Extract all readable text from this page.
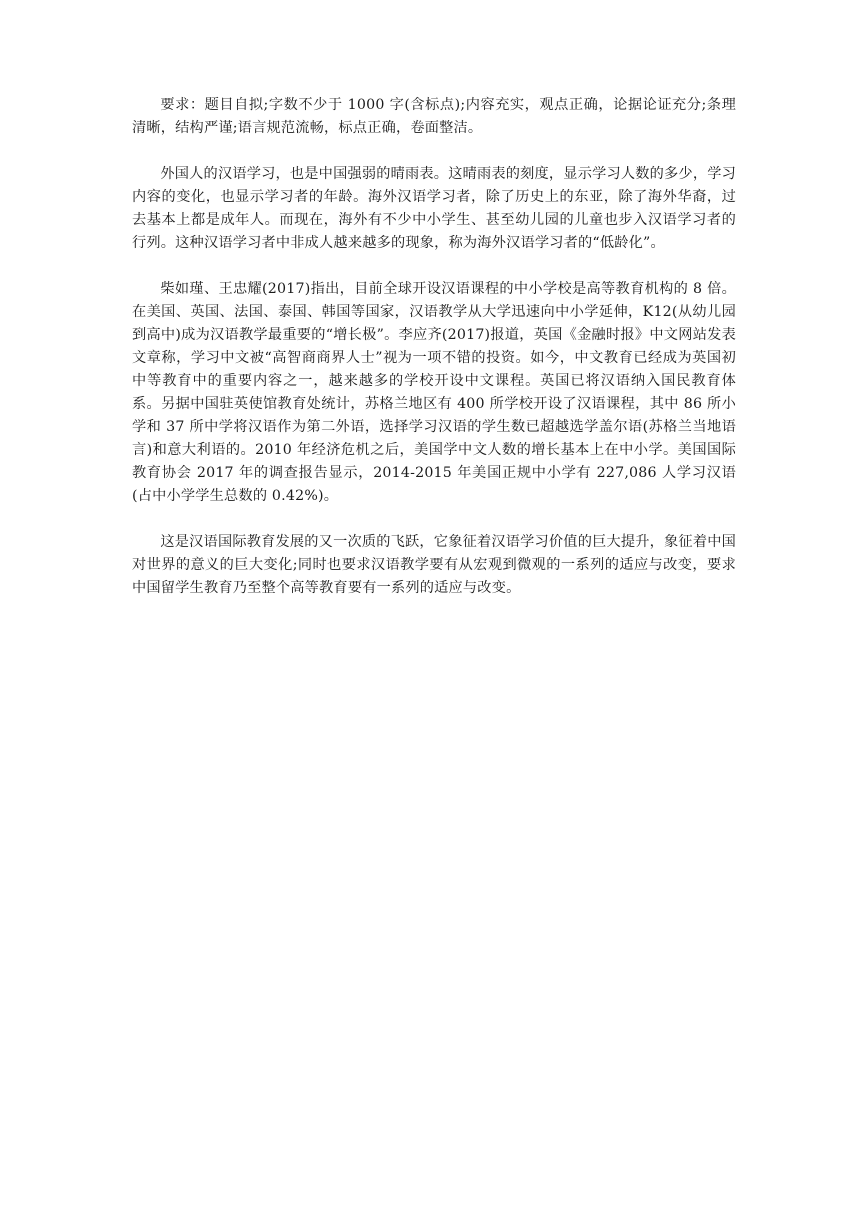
要求：题目自拟;字数不少于 1000 字(含标点);内容充实，观点正确，论据论证充分;条理清晰，结构严谨;语言规范流畅，标点正确，卷面整洁。

外国人的汉语学习，也是中国强弱的晴雨表。这晴雨表的刻度，显示学习人数的多少，学习内容的变化，也显示学习者的年龄。海外汉语学习者，除了历史上的东亚，除了海外华裔，过去基本上都是成年人。而现在，海外有不少中小学生、甚至幼儿园的儿童也步入汉语学习者的行列。这种汉语学习者中非成人越来越多的现象，称为海外汉语学习者的“低龄化”。

柴如瑾、王忠耀(2017)指出，目前全球开设汉语课程的中小学校是高等教育机构的 8 倍。在美国、英国、法国、泰国、韩国等国家，汉语教学从大学迅速向中小学延伸，K12(从幼儿园到高中)成为汉语教学最重要的“增长极”。李应齐(2017)报道，英国《金融时报》中文网站发表文章称，学习中文被“高智商商界人士”视为一项不错的投资。如今，中文教育已经成为英国初中等教育中的重要内容之一，越来越多的学校开设中文课程。英国已将汉语纳入国民教育体系。另据中国驻英使馆教育处统计，苏格兰地区有 400 所学校开设了汉语课程，其中 86 所小学和 37 所中学将汉语作为第二外语，选择学习汉语的学生数已超越选学盖尔语(苏格兰当地语言)和意大利语的。2010 年经济危机之后，美国学中文人数的增长基本上在中小学。美国国际教育协会 2017 年的调查报告显示，2014-2015 年美国正规中小学有 227,086 人学习汉语(占中小学学生总数的 0.42%)。

这是汉语国际教育发展的又一次质的飞跃，它象征着汉语学习价值的巨大提升，象征着中国对世界的意义的巨大变化;同时也要求汉语教学要有从宏观到微观的一系列的适应与改变，要求中国留学生教育乃至整个高等教育要有一系列的适应与改变。
